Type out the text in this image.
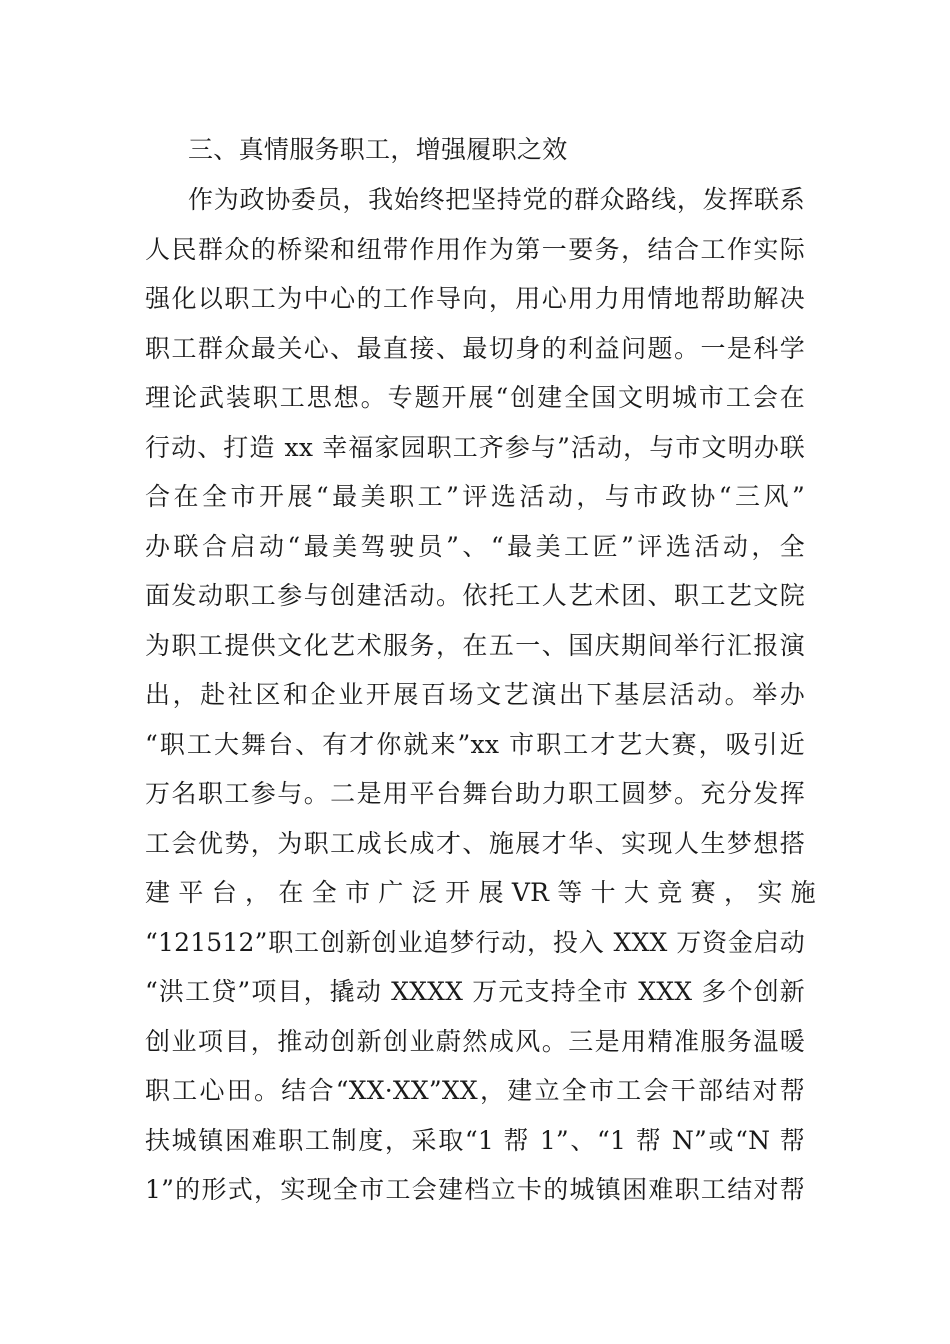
三、真情服务职工，增强履职之效
作为政协委员，我始终把坚持党的群众路线，发挥联系
人民群众的桥梁和纽带作用作为第一要务，结合工作实际
强化以职工为中心的工作导向，用心用力用情地帮助解决
职工群众最关心、最直接、最切身的利益问题。一是科学
理论武装职工思想。专题开展“创建全国文明城市工会在
行动、打造 xx 幸福家园职工齐参与”活动，与市文明办联
合在全市开展“最美职工”评选活动，与市政协“三风”
办联合启动“最美驾驶员”、“最美工匠”评选活动，全
面发动职工参与创建活动。依托工人艺术团、职工艺文院
为职工提供文化艺术服务，在五一、国庆期间举行汇报演
出，赴社区和企业开展百场文艺演出下基层活动。举办
“职工大舞台、有才你就来”xx 市职工才艺大赛，吸引近
万名职工参与。二是用平台舞台助力职工圆梦。充分发挥
工会优势，为职工成长成才、施展才华、实现人生梦想搭
建 平 台 ， 在 全 市 广 泛 开 展 VR 等 十 大 竞 赛 ， 实 施
“121512”职工创新创业追梦行动，投入 XXX 万资金启动
“洪工贷”项目，撬动 XXXX 万元支持全市 XXX 多个创新
创业项目，推动创新创业蔚然成风。三是用精准服务温暖
职工心田。结合“XX·XX”XX，建立全市工会干部结对帮
扶城镇困难职工制度，采取“1 帮 1”、“1 帮 N”或“N 帮
1”的形式，实现全市工会建档立卡的城镇困难职工结对帮
